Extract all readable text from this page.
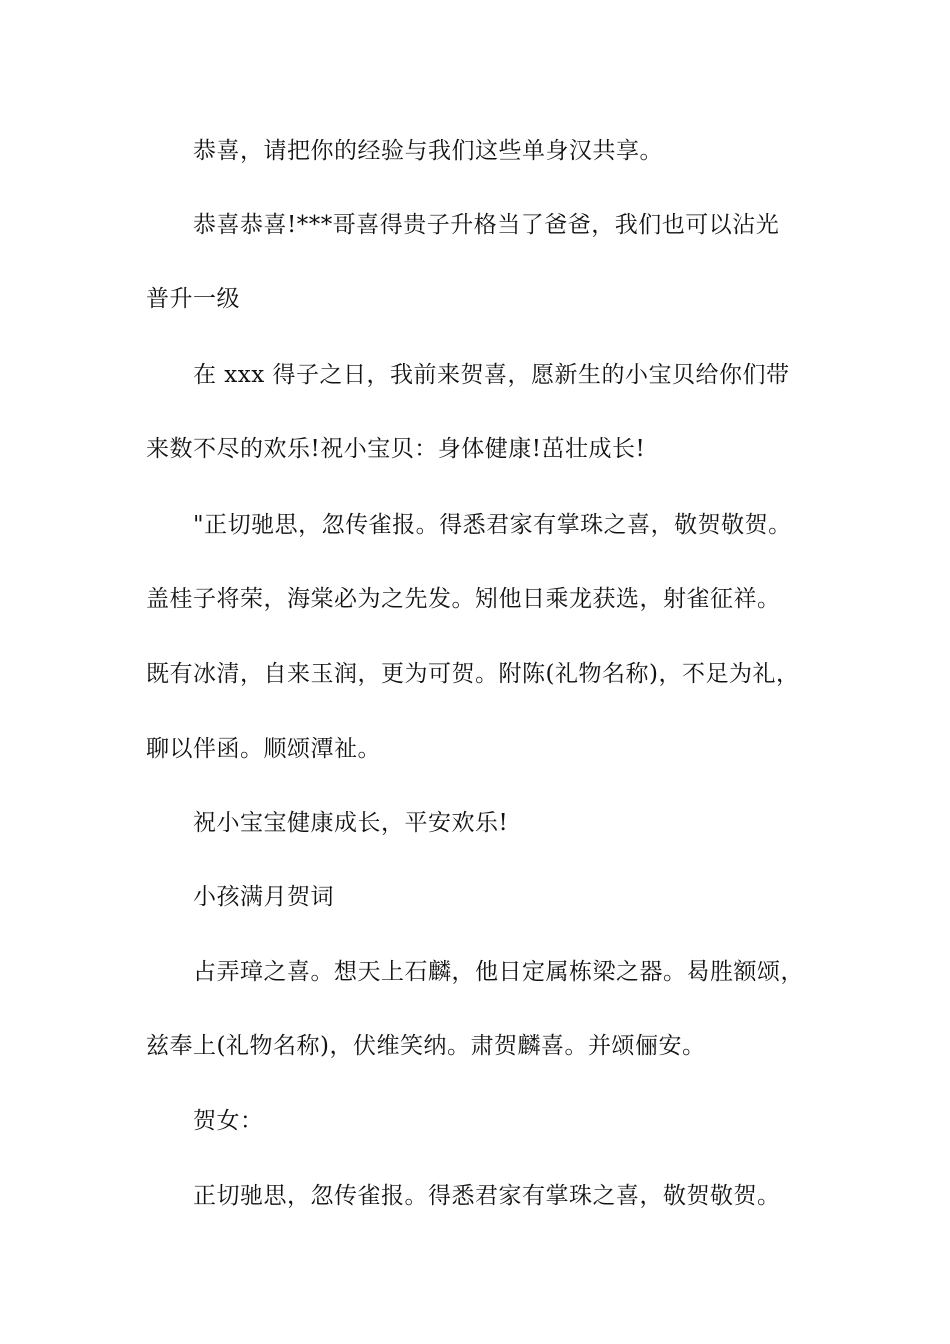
恭喜，请把你的经验与我们这些单身汉共享。
恭喜恭喜!***哥喜得贵子升格当了爸爸，我们也可以沾光
普升一级
在 xxx 得子之日，我前来贺喜，愿新生的小宝贝给你们带
来数不尽的欢乐!祝小宝贝：身体健康!茁壮成长!
"正切驰思，忽传雀报。得悉君家有掌珠之喜，敬贺敬贺。
盖桂子将荣，海棠必为之先发。矧他日乘龙获选，射雀征祥。
既有冰清，自来玉润，更为可贺。附陈(礼物名称)，不足为礼，
聊以伴函。顺颂潭祉。
祝小宝宝健康成长，平安欢乐!
小孩满月贺词
占弄璋之喜。想天上石麟，他日定属栋梁之器。曷胜额颂，
兹奉上(礼物名称)，伏维笑纳。肃贺麟喜。并颂俪安。
贺女：
正切驰思，忽传雀报。得悉君家有掌珠之喜，敬贺敬贺。
